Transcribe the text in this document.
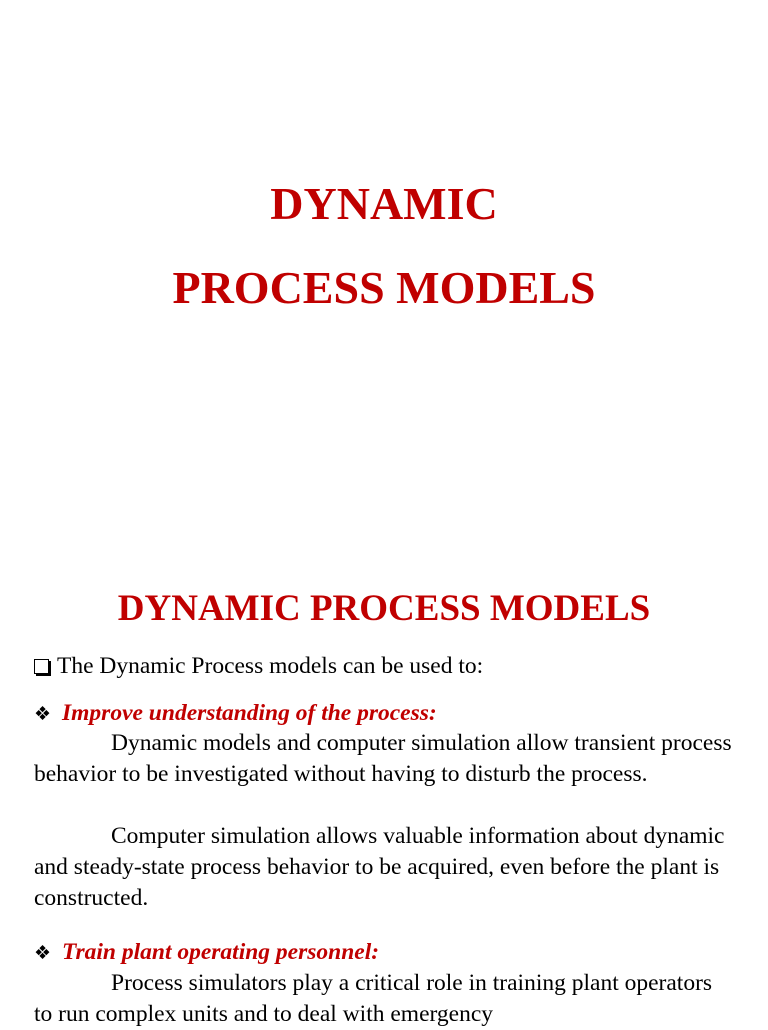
DYNAMIC
PROCESS MODELS
DYNAMIC PROCESS MODELS
The Dynamic Process models can be used to:
❖ Improve understanding of the process:
Dynamic models and computer simulation allow transient process behavior to be investigated without having to disturb the process.
Computer simulation allows valuable information about dynamic and steady-state process behavior to be acquired, even before the plant is constructed.
❖ Train plant operating personnel:
Process simulators play a critical role in training plant operators to run complex units and to deal with emergency
